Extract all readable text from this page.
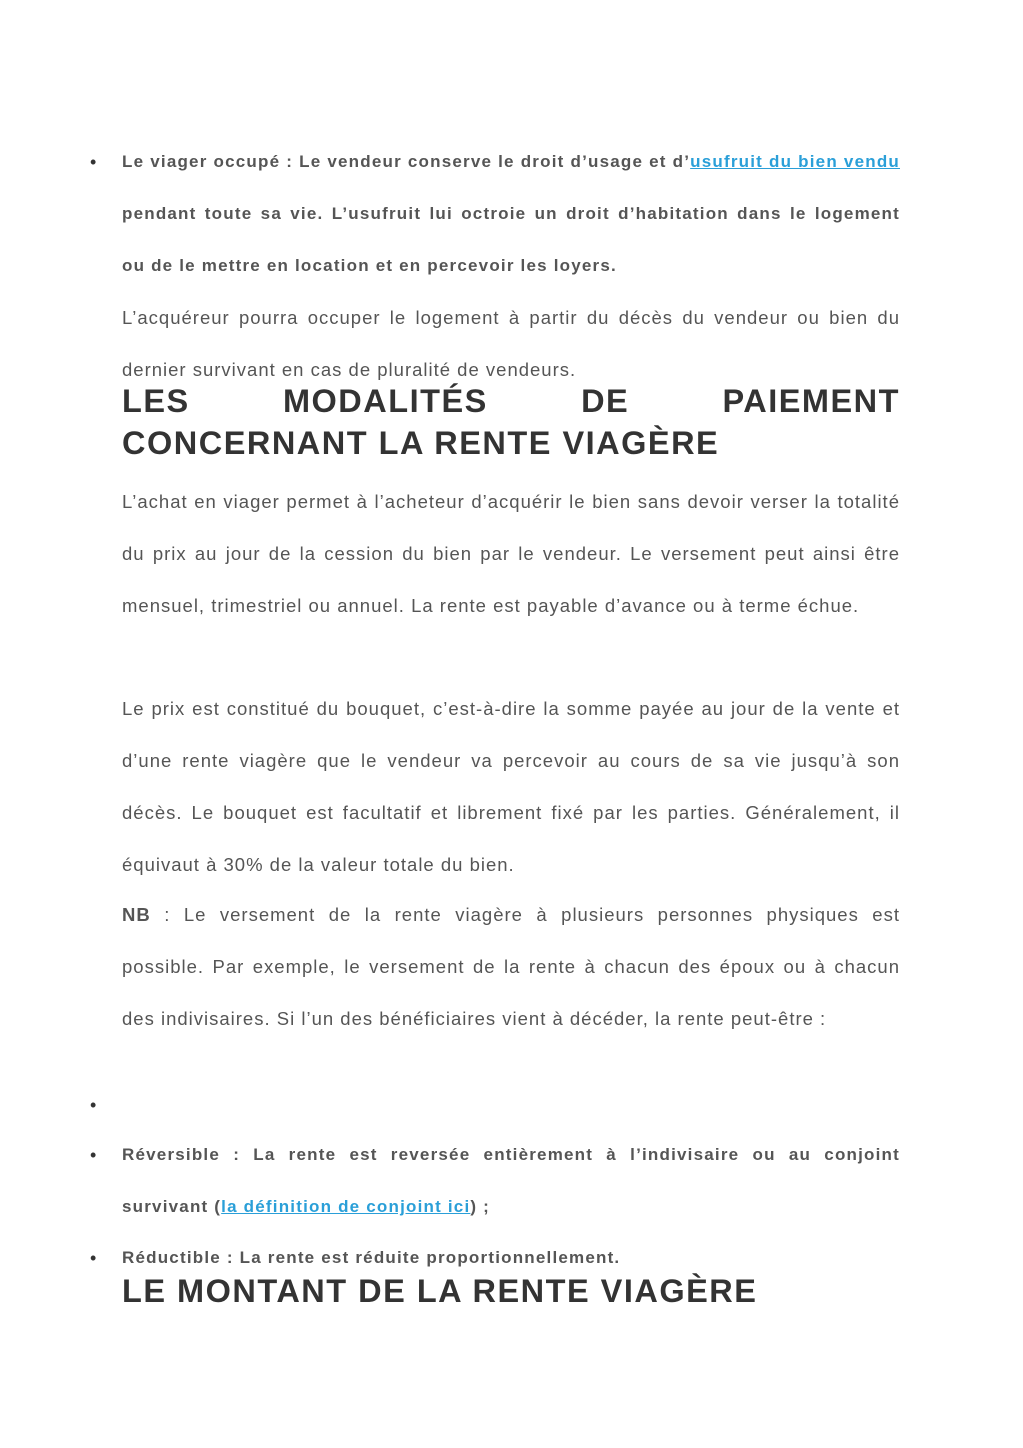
• Le viager occupé : Le vendeur conserve le droit d’usage et d’usufruit du bien vendu pendant toute sa vie. L’usufruit lui octroie un droit d’habitation dans le logement ou de le mettre en location et en percevoir les loyers.
L’acquéreur pourra occuper le logement à partir du décès du vendeur ou bien du dernier survivant en cas de pluralité de vendeurs.
LES	MODALITÉS	DE	PAIEMENT
CONCERNANT LA RENTE VIAGÈRE
L’achat en viager permet à l’acheteur d’acquérir le bien sans devoir verser la totalité du prix au jour de la cession du bien par le vendeur. Le versement peut ainsi être mensuel, trimestriel ou annuel. La rente est payable d’avance ou à terme échue.
Le prix est constitué du bouquet, c’est-à-dire la somme payée au jour de la vente et d’une rente viagère que le vendeur va percevoir au cours de sa vie jusqu’à son décès. Le bouquet est facultatif et librement fixé par les parties. Généralement, il équivaut à 30% de la valeur totale du bien.
NB : Le versement de la rente viagère à plusieurs personnes physiques est possible. Par exemple, le versement de la rente à chacun des époux ou à chacun des indivisaires. Si l’un des bénéficiaires vient à décéder, la rente peut-être :
•
• Réversible : La rente est reversée entièrement à l’indivisaire ou au conjoint survivant (la définition de conjoint ici) ;
• Réductible : La rente est réduite proportionnellement.
LE MONTANT DE LA RENTE VIAGÈRE
